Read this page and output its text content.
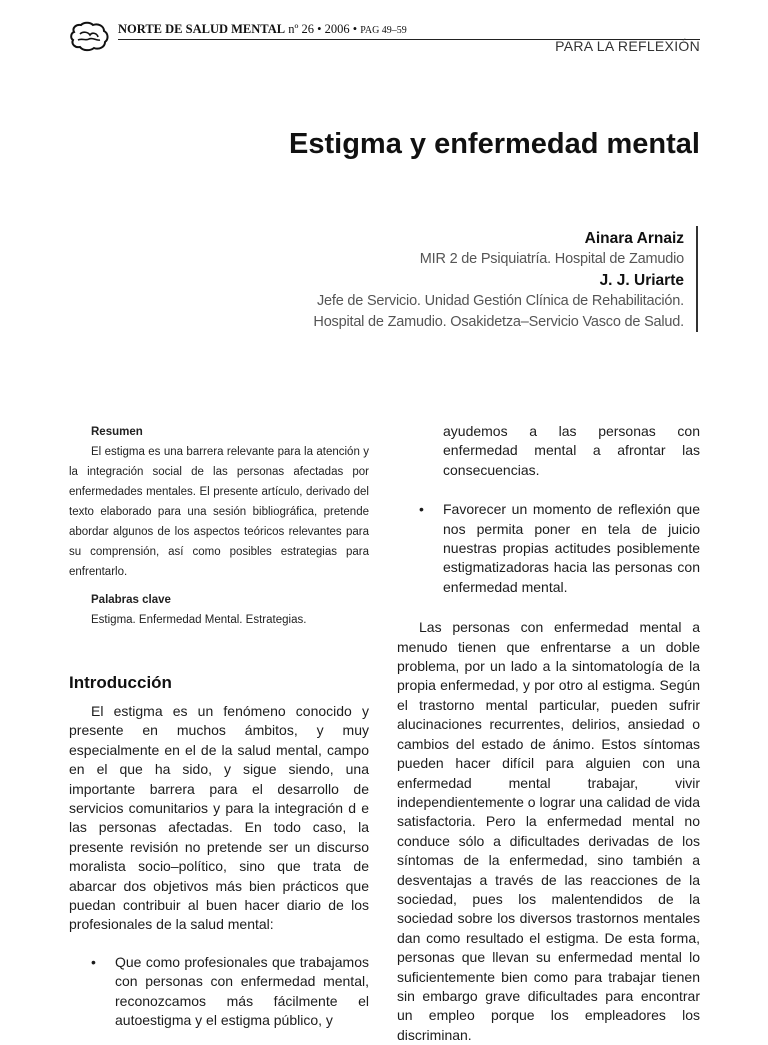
NORTE DE SALUD MENTAL nº 26 • 2006 • PAG 49–59
PARA LA REFLEXIÓN
Estigma y enfermedad mental
Ainara Arnaiz
MIR 2 de Psiquiatría. Hospital de Zamudio
J. J. Uriarte
Jefe de Servicio. Unidad Gestión Clínica de Rehabilitación.
Hospital de Zamudio. Osakidetza–Servicio Vasco de Salud.
Resumen

El estigma es una barrera relevante para la atención y la integración social de las personas afectadas por enfermedades mentales. El presente artículo, derivado del texto elaborado para una sesión bibliográfica, pretende abordar algunos de los aspectos teóricos relevantes para su comprensión, así como posibles estrategias para enfrentarlo.

Palabras clave

Estigma. Enfermedad Mental. Estrategias.

Introducción

El estigma es un fenómeno conocido y presente en muchos ámbitos, y muy especialmente en el de la salud mental, campo en el que ha sido, y sigue siendo, una importante barrera para el desarrollo de servicios comunitarios y para la integración d e las personas afectadas. En todo caso, la presente revisión no pretende ser un discurso moralista socio–político, sino que trata de abarcar dos objetivos más bien prácticos que puedan contribuir al buen hacer diario de los profesionales de la salud mental:

• Que como profesionales que trabajamos con personas con enfermedad mental, reconozcamos más fácilmente el autoestigma y el estigma público, y

ayudemos a las personas con enfermedad mental a afrontar las consecuencias.

• Favorecer un momento de reflexión que nos permita poner en tela de juicio nuestras propias actitudes posiblemente estigmatizadoras hacia las personas con enfermedad mental.

Las personas con enfermedad mental a menudo tienen que enfrentarse a un doble problema, por un lado a la sintomatología de la propia enfermedad, y por otro al estigma. Según el trastorno mental particular, pueden sufrir alucinaciones recurrentes, delirios, ansiedad o cambios del estado de ánimo. Estos síntomas pueden hacer difícil para alguien con una enfermedad mental trabajar, vivir independientemente o lograr una calidad de vida satisfactoria. Pero la enfermedad mental no conduce sólo a dificultades derivadas de los síntomas de la enfermedad, sino también a desventajas a través de las reacciones de la sociedad, pues los malentendidos de la sociedad sobre los diversos trastornos mentales dan como resultado el estigma. De esta forma, personas que llevan su enfermedad mental lo suficientemente bien como para trabajar tienen sin embargo grave dificultades para encontrar un empleo porque los empleadores los discriminan.
